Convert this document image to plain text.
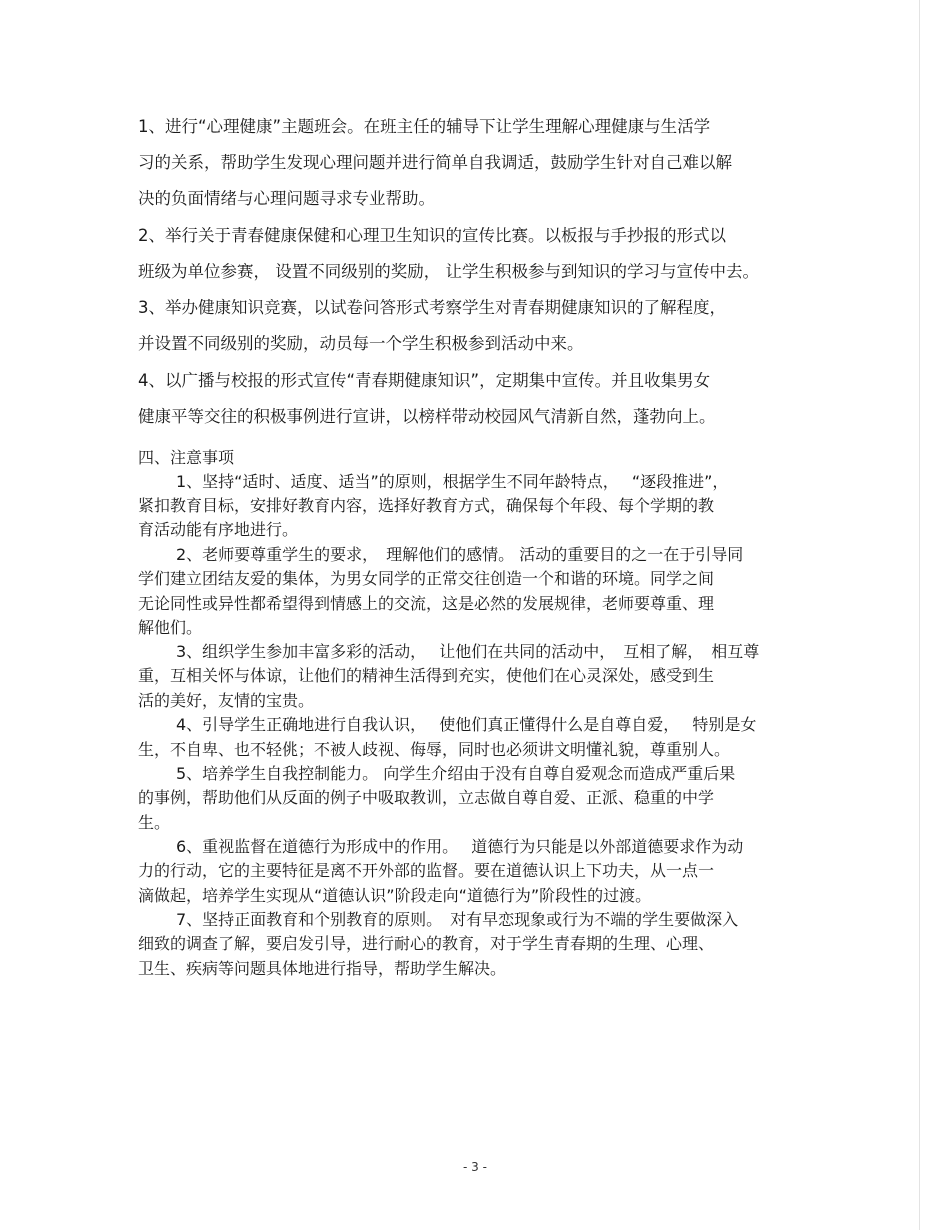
1、进行“心理健康”主题班会。在班主任的辅导下让学生理解心理健康与生活学
习的关系，帮助学生发现心理问题并进行简单自我调适，鼓励学生针对自己难以解
决的负面情绪与心理问题寻求专业帮助。
2、举行关于青春健康保健和心理卫生知识的宣传比赛。以板报与手抄报的形式以
班级为单位参赛， 设置不同级别的奖励， 让学生积极参与到知识的学习与宣传中去。
3、举办健康知识竞赛，以试卷问答形式考察学生对青春期健康知识的了解程度，
并设置不同级别的奖励，动员每一个学生积极参到活动中来。
4、以广播与校报的形式宣传“青春期健康知识”，定期集中宣传。并且收集男女
健康平等交往的积极事例进行宣讲，以榜样带动校园风气清新自然，蓬勃向上。
四、注意事项
1、坚持“适时、适度、适当”的原则，根据学生不同年龄特点，　 “逐段推进”，
紧扣教育目标，安排好教育内容，选择好教育方式，确保每个年段、每个学期的教
育活动能有序地进行。
2、老师要尊重学生的要求，　理解他们的感情。 活动的重要目的之一在于引导同
学们建立团结友爱的集体，为男女同学的正常交往创造一个和谐的环境。同学之间
无论同性或异性都希望得到情感上的交流，这是必然的发展规律，老师要尊重、理
解他们。
3、组织学生参加丰富多彩的活动，　 让他们在共同的活动中，　互相了解，　相互尊
重，互相关怀与体谅，让他们的精神生活得到充实，使他们在心灵深处，感受到生
活的美好，友情的宝贵。
4、引导学生正确地进行自我认识，　 使他们真正懂得什么是自尊自爱，　 特别是女
生，不自卑、也不轻佻；不被人歧视、侮辱，同时也必须讲文明懂礼貌，尊重别人。
5、培养学生自我控制能力。 向学生介绍由于没有自尊自爱观念而造成严重后果
的事例，帮助他们从反面的例子中吸取教训，立志做自尊自爱、正派、稳重的中学
生。
6、重视监督在道德行为形成中的作用。　 道德行为只能是以外部道德要求作为动
力的行动，它的主要特征是离不开外部的监督。要在道德认识上下功夫，从一点一
滴做起，培养学生实现从“道德认识”阶段走向“道德行为”阶段性的过渡。
7、坚持正面教育和个别教育的原则。　对有早恋现象或行为不端的学生要做深入
细致的调查了解，要启发引导，进行耐心的教育，对于学生青春期的生理、心理、
卫生、疾病等问题具体地进行指导，帮助学生解决。
- 3 -
